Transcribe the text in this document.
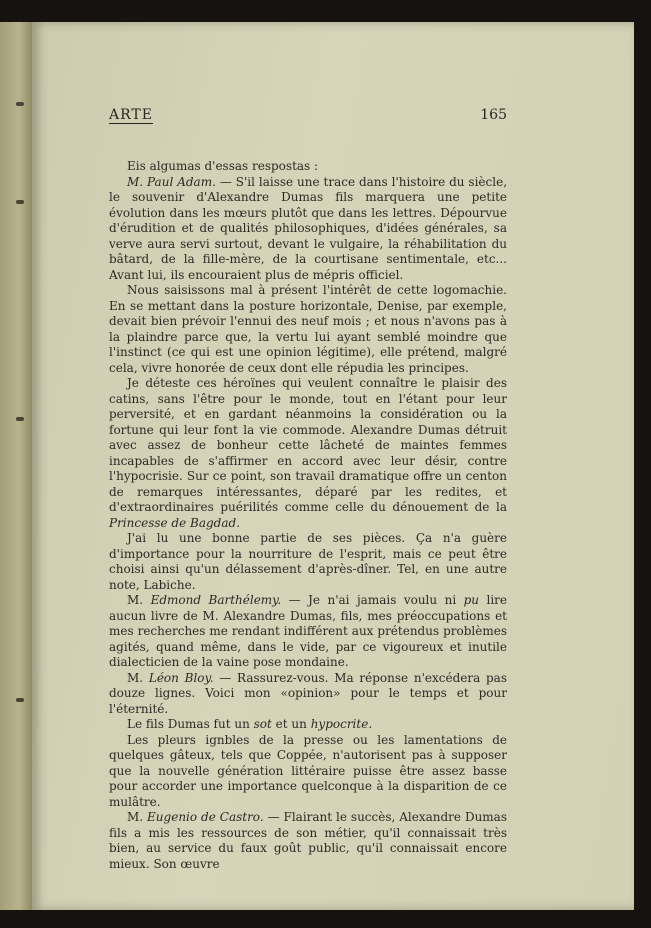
ARTE	165

Eis algumas d'essas respostas :

M. Paul Adam. — S'il laisse une trace dans l'histoire du siècle, le souvenir d'Alexandre Dumas fils marquera une petite évolution dans les mœurs plutôt que dans les lettres. Dépourvue d'érudition et de qualités philosophiques, d'idées générales, sa verve aura servi surtout, devant le vulgaire, la réhabilitation du bâtard, de la fille-mère, de la courtisane sentimentale, etc... Avant lui, ils encouraient plus de mépris officiel.

Nous saisissons mal à présent l'intérêt de cette logomachie. En se mettant dans la posture horizontale, Denise, par exemple, devait bien prévoir l'ennui des neuf mois ; et nous n'avons pas à la plaindre parce que, la vertu lui ayant semblé moindre que l'instinct (ce qui est une opinion légitime), elle prétend, malgré cela, vivre honorée de ceux dont elle répudia les principes.

Je déteste ces héroïnes qui veulent connaître le plaisir des catins, sans l'être pour le monde, tout en l'étant pour leur perversité, et en gardant néanmoins la considération ou la fortune qui leur font la vie commode. Alexandre Dumas détruit avec assez de bonheur cette lâcheté de maintes femmes incapables de s'affirmer en accord avec leur désir, contre l'hypocrisie. Sur ce point, son travail dramatique offre un centon de remarques intéressantes, déparé par les redites, et d'extraordinaires puérilités comme celle du dénouement de la Princesse de Bagdad.

J'ai lu une bonne partie de ses pièces. Ça n'a guère d'importance pour la nourriture de l'esprit, mais ce peut être choisi ainsi qu'un délassement d'après-dîner. Tel, en une autre note, Labiche.

M. Edmond Barthélemy. — Je n'ai jamais voulu ni pu lire aucun livre de M. Alexandre Dumas, fils, mes préoccupations et mes recherches me rendant indifférent aux prétendus problèmes agités, quand même, dans le vide, par ce vigoureux et inutile dialecticien de la vaine pose mondaine.

M. Léon Bloy. — Rassurez-vous. Ma réponse n'excédera pas douze lignes. Voici mon «opinion» pour le temps et pour l'éternité.

Le fils Dumas fut un sot et un hypocrite.

Les pleurs ignbles de la presse ou les lamentations de quelques gâteux, tels que Coppée, n'autorisent pas à supposer que la nouvelle génération littéraire puisse être assez basse pour accorder une importance quelconque à la disparition de ce mulâtre.

M. Eugenio de Castro. — Flairant le succès, Alexandre Dumas fils a mis les ressources de son métier, qu'il connaissait très bien, au service du faux goût public, qu'il connaissait encore mieux. Son œuvre
